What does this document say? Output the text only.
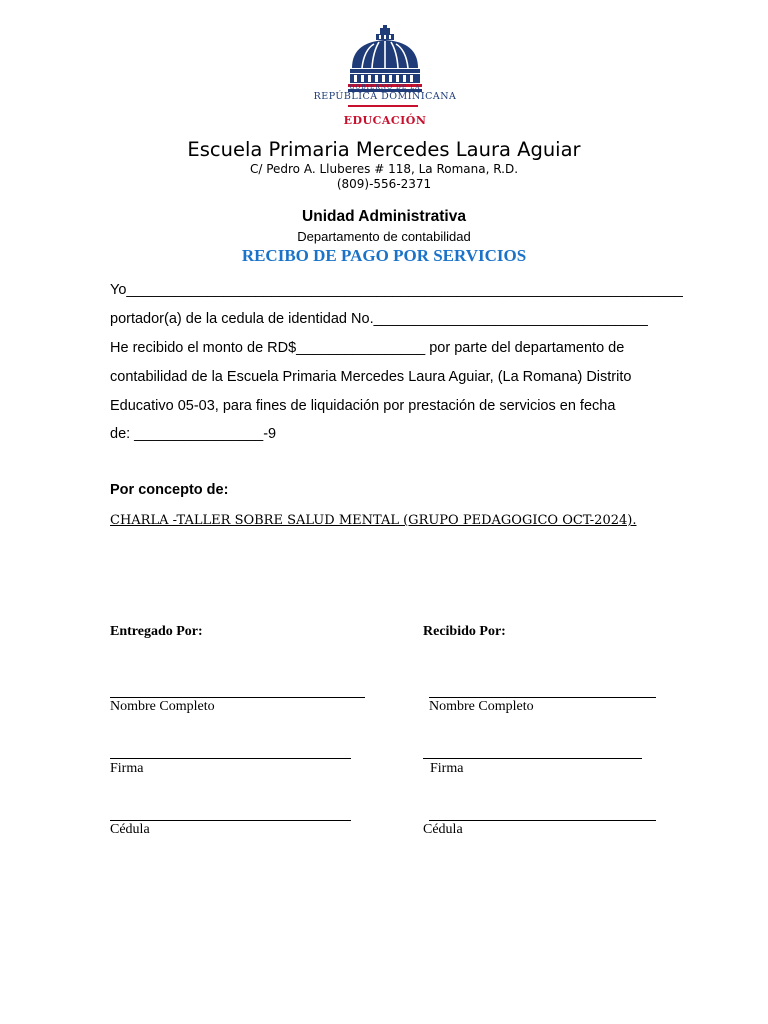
GOBIERNO DE LA
REPÚBLICA DOMINICANA
EDUCACIÓN
Escuela Primaria Mercedes Laura Aguiar
C/ Pedro A. Lluberes # 118, La Romana, R.D.
(809)-556-2371
Unidad Administrativa
Departamento de contabilidad
RECIBO DE PAGO POR SERVICIOS
Yo_____________________________________________________________________
portador(a) de la cedula de identidad No.__________________________________
He recibido el monto de RD$________________ por parte del departamento de
contabilidad de la Escuela Primaria Mercedes Laura Aguiar, (La Romana) Distrito
Educativo 05-03, para fines de liquidación por prestación de servicios en fecha
de: ________________-9
Por concepto de:
CHARLA -TALLER SOBRE SALUD MENTAL (GRUPO PEDAGOGICO OCT-2024).
Entregado Por:	Recibido Por:
Nombre Completo	Nombre Completo
Firma	Firma
Cédula	Cédula
